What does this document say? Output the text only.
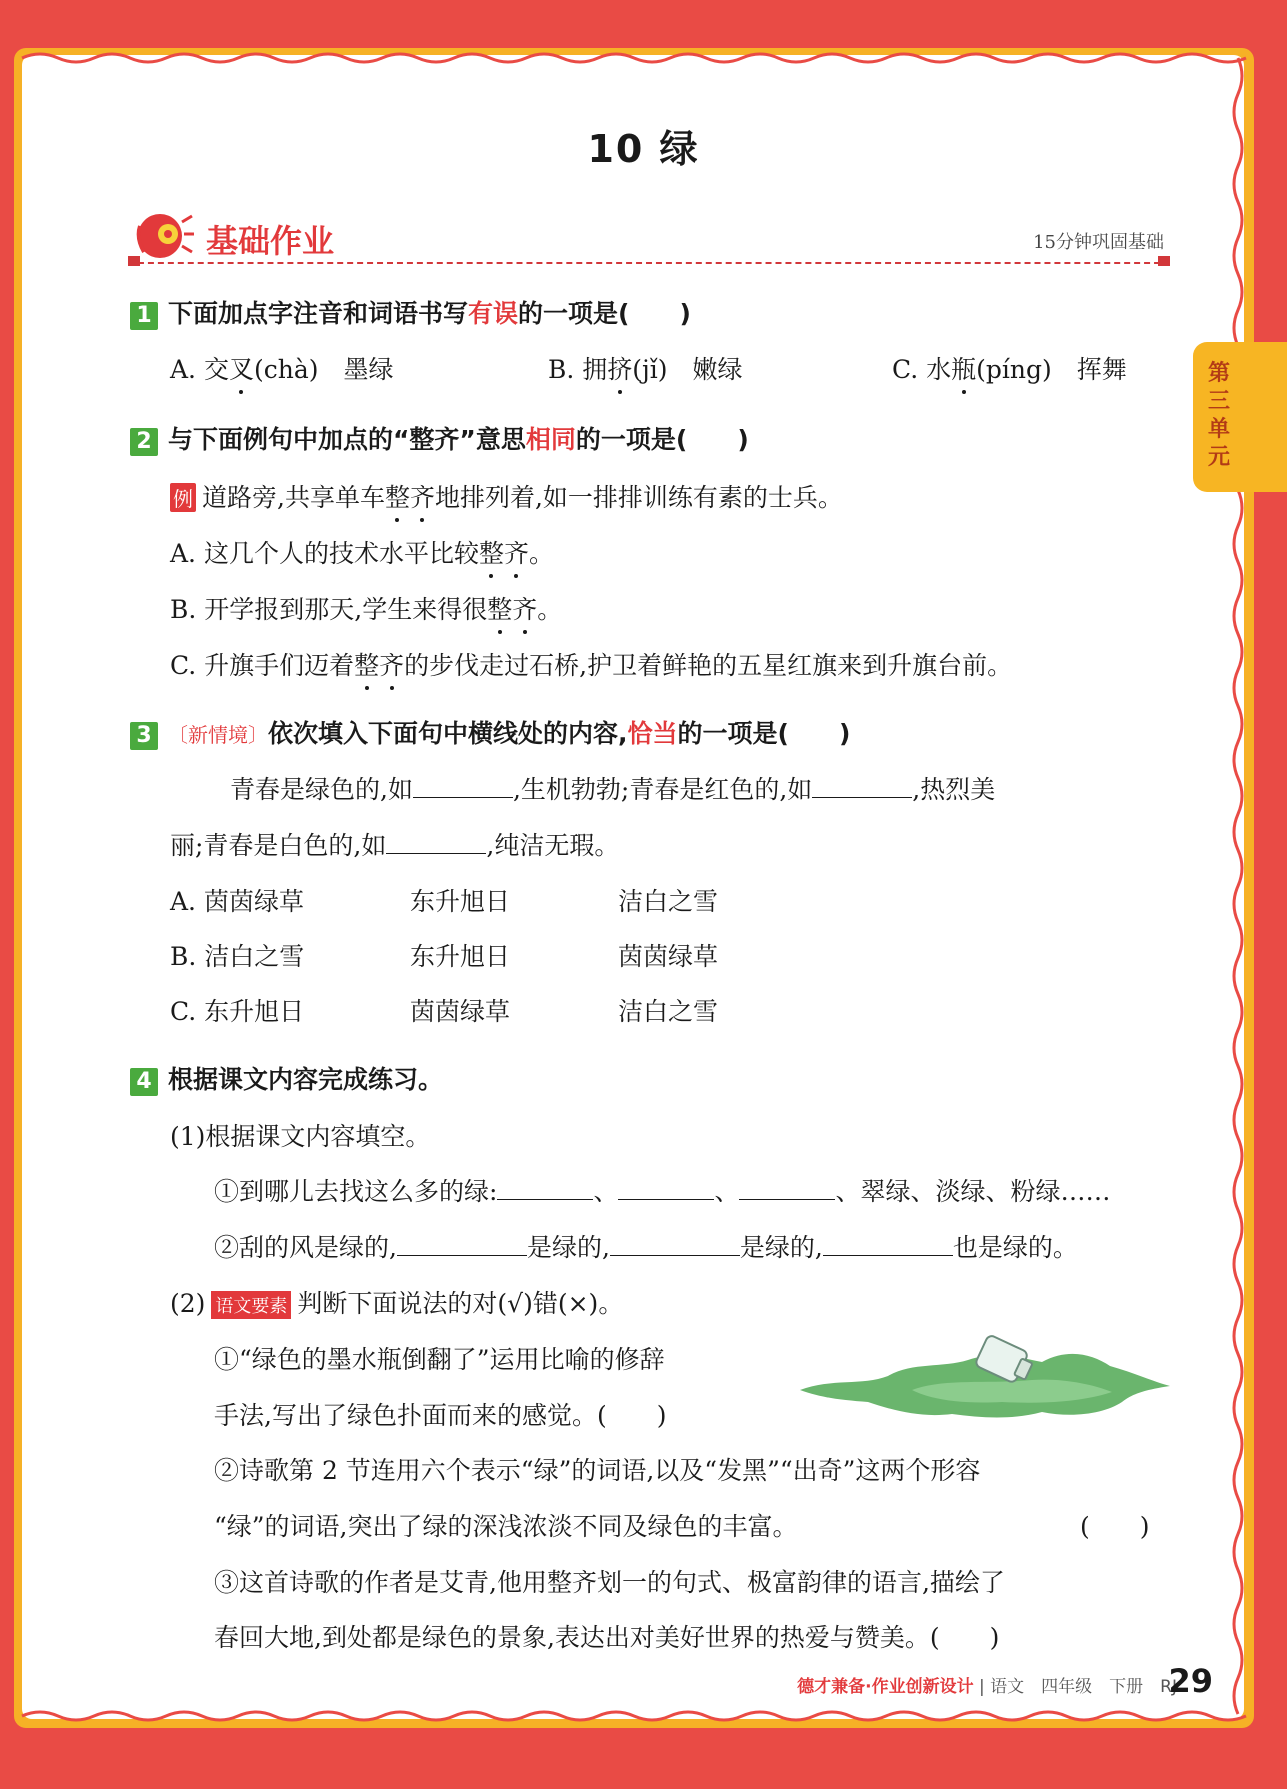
10 绿
基础作业	15分钟巩固基础
第三单元
1 下面加点字注音和词语书写有误的一项是(　　)
A. 交叉(chà)　墨绿	B. 拥挤(jǐ)　嫩绿	C. 水瓶(píng)　挥舞
2 与下面例句中加点的“整齐”意思相同的一项是(　　)
例 道路旁,共享单车整齐地排列着,如一排排训练有素的士兵。
A. 这几个人的技术水平比较整齐。
B. 开学报到那天,学生来得很整齐。
C. 升旗手们迈着整齐的步伐走过石桥,护卫着鲜艳的五星红旗来到升旗台前。
3 〔新情境〕依次填入下面句中横线处的内容,恰当的一项是(　　)
青春是绿色的,如	,生机勃勃;青春是红色的,如	,热烈美
丽;青春是白色的,如	,纯洁无瑕。
A. 茵茵绿草	东升旭日	洁白之雪
B. 洁白之雪	东升旭日	茵茵绿草
C. 东升旭日	茵茵绿草	洁白之雪
4 根据课文内容完成练习。
(1)根据课文内容填空。
①到哪儿去找这么多的绿:	、	、	、翠绿、淡绿、粉绿……
②刮的风是绿的,	是绿的,	是绿的,	也是绿的。
(2) 语文要素 判断下面说法的对(√)错(×)。
①“绿色的墨水瓶倒翻了”运用比喻的修辞
手法,写出了绿色扑面而来的感觉。(　　)
②诗歌第 2 节连用六个表示“绿”的词语,以及“发黑”“出奇”这两个形容
“绿”的词语,突出了绿的深浅浓淡不同及绿色的丰富。	(　　)
③这首诗歌的作者是艾青,他用整齐划一的句式、极富韵律的语言,描绘了
春回大地,到处都是绿色的景象,表达出对美好世界的热爱与赞美。(　　)
德才兼备·作业创新设计 | 语文　四年级　下册　RJ
29
